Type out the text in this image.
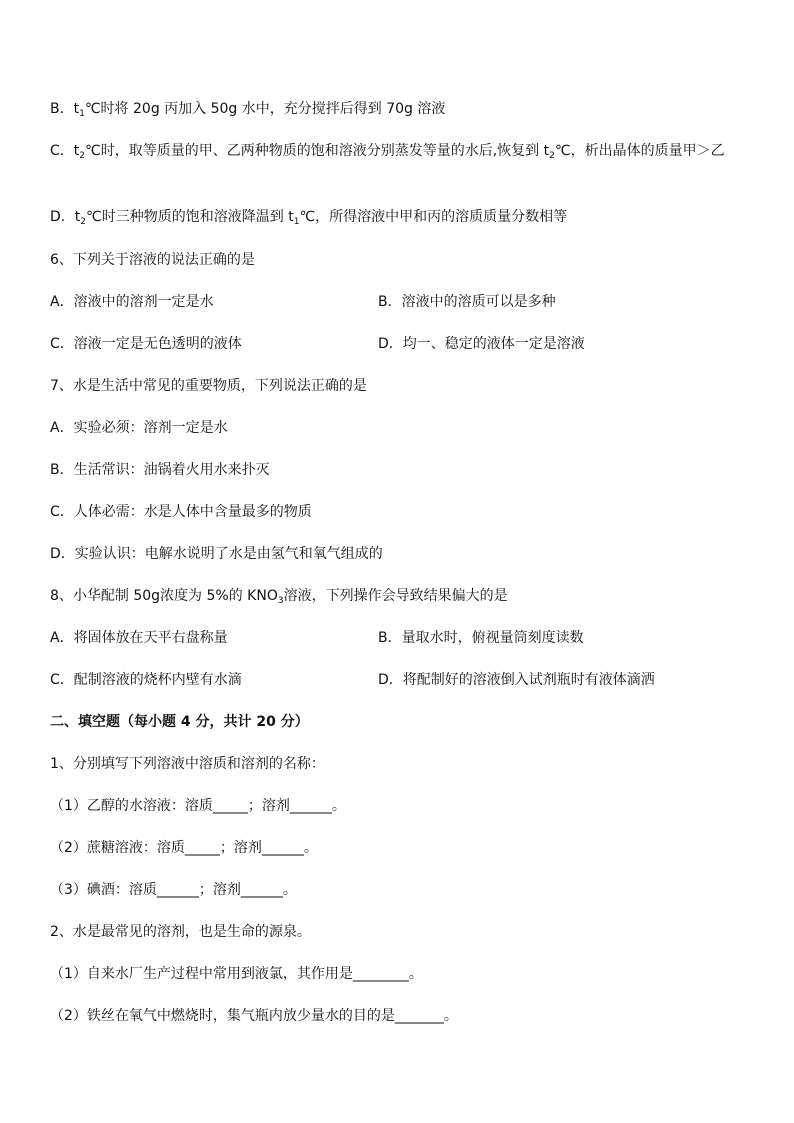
B．$t_1℃$时将 20g 丙加入 50g 水中，充分搅拌后得到 70g 溶液
C．$t_2℃$时，取等质量的甲、乙两种物质的饱和溶液分别蒸发等量的水后,恢复到 $t_2℃$，析出晶体的质量甲＞乙
D．$t_2℃$时三种物质的饱和溶液降温到 $t_1℃$，所得溶液中甲和丙的溶质质量分数相等
6、下列关于溶液的说法正确的是
A．溶液中的溶剂一定是水	B．溶液中的溶质可以是多种
C．溶液一定是无色透明的液体	D．均一、稳定的液体一定是溶液
7、水是生活中常见的重要物质，下列说法正确的是
A．实验必须：溶剂一定是水
B．生活常识：油锅着火用水来扑灭
C．人体必需：水是人体中含量最多的物质
D．实验认识：电解水说明了水是由氢气和氧气组成的
8、小华配制 50g浓度为 5%的 $KNO_3$溶液，下列操作会导致结果偏大的是
A．将固体放在天平右盘称量	B．量取水时，俯视量筒刻度读数
C．配制溶液的烧杯内壁有水滴	D．将配制好的溶液倒入试剂瓶时有液体滴洒
二、填空题（每小题 4 分，共计 20 分）
1、分别填写下列溶液中溶质和溶剂的名称：
（1）乙醇的水溶液：溶质_____；溶剂______。
（2）蔗糖溶液：溶质_____；溶剂______。
（3）碘酒：溶质______；溶剂______。
2、水是最常见的溶剂，也是生命的源泉。
（1）自来水厂生产过程中常用到液氯，其作用是________。
（2）铁丝在氧气中燃烧时，集气瓶内放少量水的目的是_______。
